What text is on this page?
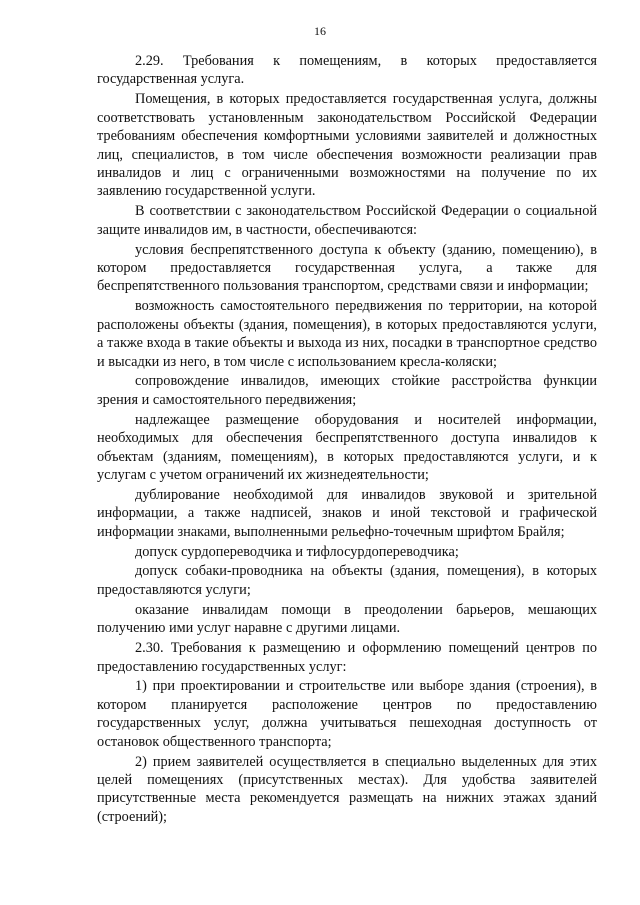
16

2.29. Требования к помещениям, в которых предоставляется государственная услуга.

Помещения, в которых предоставляется государственная услуга, должны соответствовать установленным законодательством Российской Федерации требованиям обеспечения комфортными условиями заявителей и должностных лиц, специалистов, в том числе обеспечения возможности реализации прав инвалидов и лиц с ограниченными возможностями на получение по их заявлению государственной услуги.

В соответствии с законодательством Российской Федерации о социальной защите инвалидов им, в частности, обеспечиваются:

условия беспрепятственного доступа к объекту (зданию, помещению), в котором предоставляется государственная услуга, а также для беспрепятственного пользования транспортом, средствами связи и информации;

возможность самостоятельного передвижения по территории, на которой расположены объекты (здания, помещения), в которых предоставляются услуги, а также входа в такие объекты и выхода из них, посадки в транспортное средство и высадки из него, в том числе с использованием кресла-коляски;

сопровождение инвалидов, имеющих стойкие расстройства функции зрения и самостоятельного передвижения;

надлежащее размещение оборудования и носителей информации, необходимых для обеспечения беспрепятственного доступа инвалидов к объектам (зданиям, помещениям), в которых предоставляются услуги, и к услугам с учетом ограничений их жизнедеятельности;

дублирование необходимой для инвалидов звуковой и зрительной информации, а также надписей, знаков и иной текстовой и графической информации знаками, выполненными рельефно-точечным шрифтом Брайля;

допуск сурдопереводчика и тифлосурдопереводчика;

допуск собаки-проводника на объекты (здания, помещения), в которых предоставляются услуги;

оказание инвалидам помощи в преодолении барьеров, мешающих получению ими услуг наравне с другими лицами.

2.30. Требования к размещению и оформлению помещений центров по предоставлению государственных услуг:

1) при проектировании и строительстве или выборе здания (строения), в котором планируется расположение центров по предоставлению государственных услуг, должна учитываться пешеходная доступность от остановок общественного транспорта;

2) прием заявителей осуществляется в специально выделенных для этих целей помещениях (присутственных местах). Для удобства заявителей присутственные места рекомендуется размещать на нижних этажах зданий (строений);
